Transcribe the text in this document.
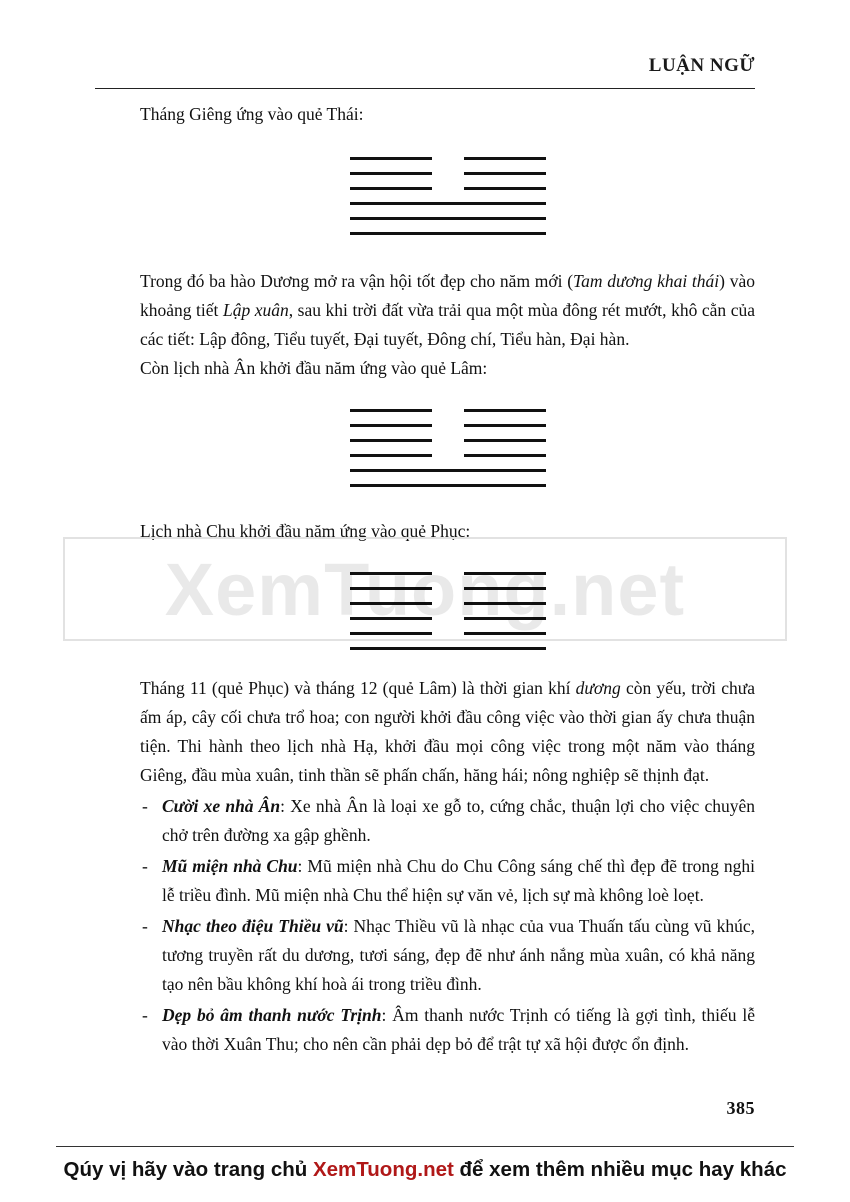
LUẬN NGỮ

Tháng Giêng ứng vào quẻ Thái:

Trong đó ba hào Dương mở ra vận hội tốt đẹp cho năm mới (Tam dương khai thái) vào khoảng tiết Lập xuân, sau khi trời đất vừa trải qua một mùa đông rét mướt, khô cằn của các tiết: Lập đông, Tiểu tuyết, Đại tuyết, Đông chí, Tiểu hàn, Đại hàn.

Còn lịch nhà Ân khởi đầu năm ứng vào quẻ Lâm:

Lịch nhà Chu khởi đầu năm ứng vào quẻ Phục:

Tháng 11 (quẻ Phục) và tháng 12 (quẻ Lâm) là thời gian khí dương còn yếu, trời chưa ấm áp, cây cối chưa trổ hoa; con người khởi đầu công việc vào thời gian ấy chưa thuận tiện. Thi hành theo lịch nhà Hạ, khởi đầu mọi công việc trong một năm vào tháng Giêng, đầu mùa xuân, tinh thần sẽ phấn chấn, hăng hái; nông nghiệp sẽ thịnh đạt.

- Cười xe nhà Ân: Xe nhà Ân là loại xe gỗ to, cứng chắc, thuận lợi cho việc chuyên chở trên đường xa gập ghềnh.
- Mũ miện nhà Chu: Mũ miện nhà Chu do Chu Công sáng chế thì đẹp đẽ trong nghi lễ triều đình. Mũ miện nhà Chu thể hiện sự văn vẻ, lịch sự mà không loè loẹt.
- Nhạc theo điệu Thiều vũ: Nhạc Thiều vũ là nhạc của vua Thuấn tấu cùng vũ khúc, tương truyền rất du dương, tươi sáng, đẹp đẽ như ánh nắng mùa xuân, có khả năng tạo nên bầu không khí hoà ái trong triều đình.
- Dẹp bỏ âm thanh nước Trịnh: Âm thanh nước Trịnh có tiếng là gợi tình, thiếu lễ vào thời Xuân Thu; cho nên cần phải dẹp bỏ để trật tự xã hội được ổn định.
XemTuong.net
385
Qúy vị hãy vào trang chủ XemTuong.net để xem thêm nhiều mục hay khác
